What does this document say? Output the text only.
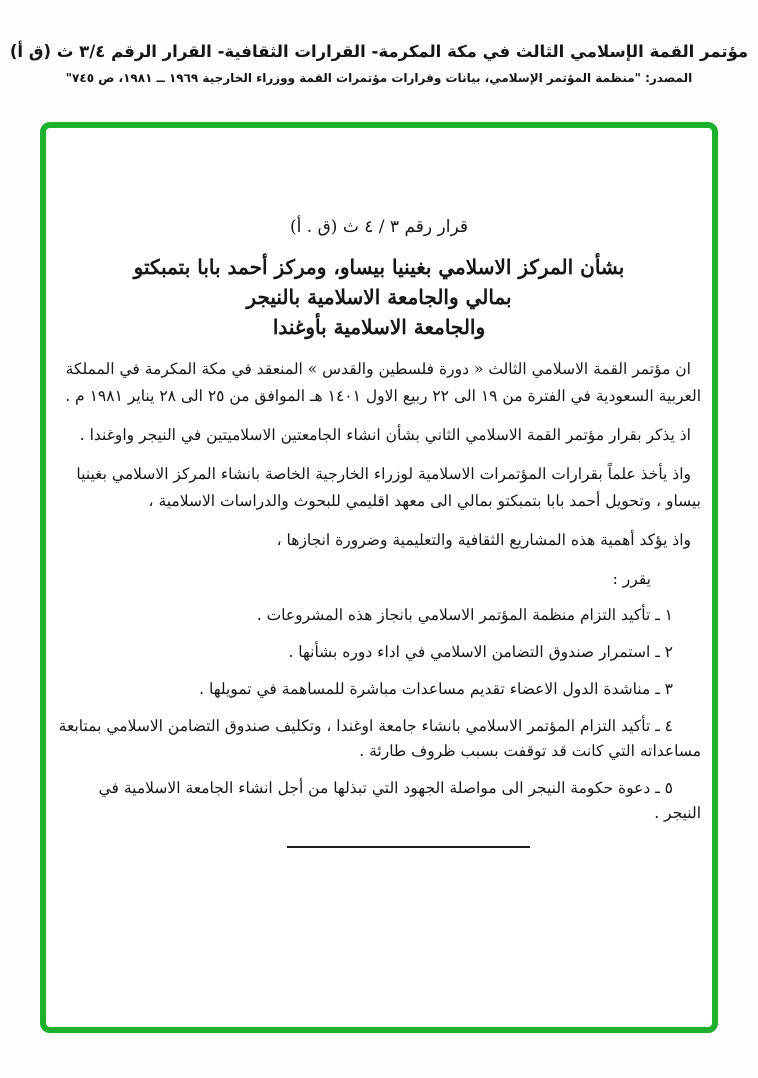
مؤتمر القمة الإسلامي الثالث في مكة المكرمة- القرارات الثقافية- القرار الرقم ٣/٤ ث (ق أ)
المصدر: "منظمة المؤتمر الإسلامي، بيانات وقرارات مؤتمرات القمة ووزراء الخارجية ١٩٦٩ ــ ١٩٨١، ص ٧٤٥"
قرار رقم ٣ / ٤ ث (ق . أ)
بشأن المركز الاسلامي بغينيا بيساو، ومركز أحمد بابا بتمبكتو
بمالي والجامعة الاسلامية بالنيجر
والجامعة الاسلامية بأوغندا

ان مؤتمر القمة الاسلامي الثالث « دورة فلسطين والقدس » المنعقد في مكة المكرمة في المملكة العربية السعودية في الفترة من ١٩ الى ٢٢ ربيع الاول ١٤٠١ هـ الموافق من ٢٥ الى ٢٨ يناير ١٩٨١ م .

اذ يذكر بقرار مؤتمر القمة الاسلامي الثاني بشأن انشاء الجامعتين الاسلاميتين في النيجر واوغندا .

واذ يأخذ علماً بقرارات المؤتمرات الاسلامية لوزراء الخارجية الخاصة بانشاء المركز الاسلامي بغينيا بيساو ، وتحويل أحمد بابا بتمبكتو بمالي الى معهد اقليمي للبحوث والدراسات الاسلامية ،

واذ يؤكد أهمية هذه المشاريع الثقافية والتعليمية وضرورة انجازها ،

يقرر :

١ ـ تأكيد التزام منظمة المؤتمر الاسلامي بانجاز هذه المشروعات .

٢ ـ استمرار صندوق التضامن الاسلامي في اداء دوره بشأنها .

٣ ـ مناشدة الدول الاعضاء تقديم مساعدات مباشرة للمساهمة في تمويلها .

٤ ـ تأكيد التزام المؤتمر الاسلامي بانشاء جامعة اوغندا ، وتكليف صندوق التضامن الاسلامي بمتابعة مساعداته التي كانت قد توقفت بسبب ظروف طارئة .

٥ ـ دعوة حكومة النيجر الى مواصلة الجهود التي تبذلها من أجل انشاء الجامعة الاسلامية في النيجر .
